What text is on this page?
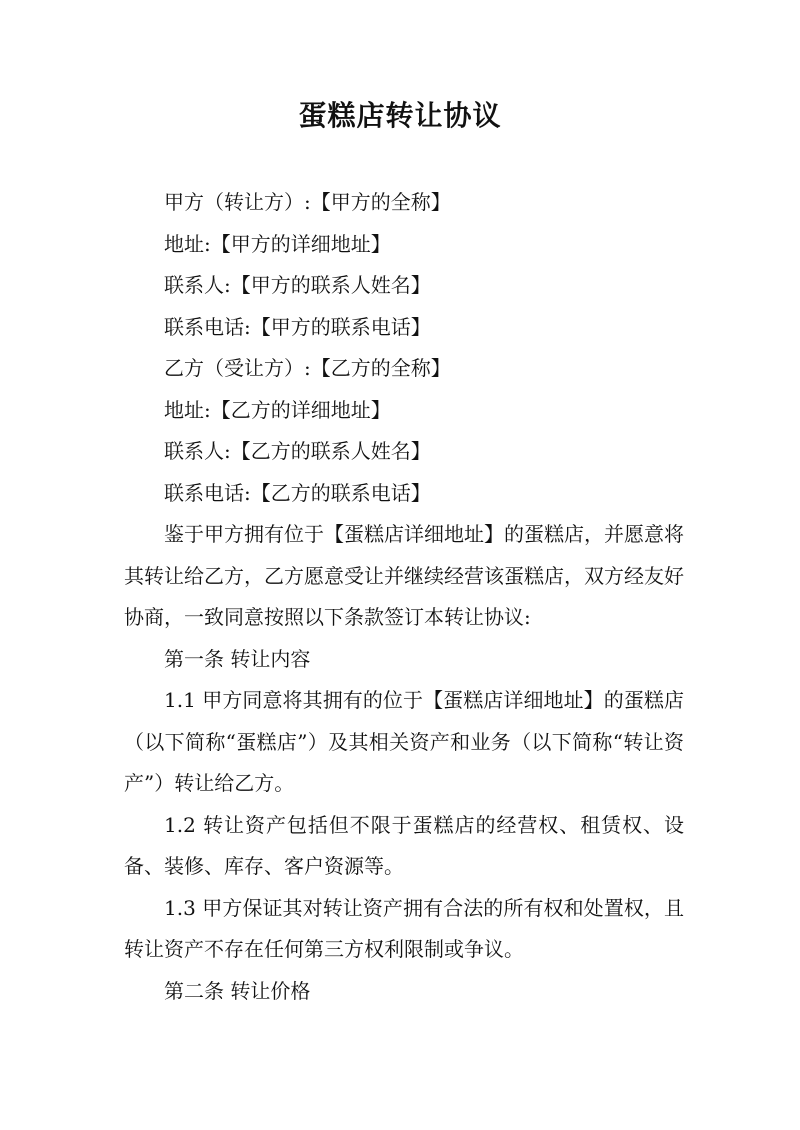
蛋糕店转让协议

甲方（转让方）:【甲方的全称】

地址:【甲方的详细地址】

联系人:【甲方的联系人姓名】

联系电话:【甲方的联系电话】

乙方（受让方）:【乙方的全称】

地址:【乙方的详细地址】

联系人:【乙方的联系人姓名】

联系电话:【乙方的联系电话】

鉴于甲方拥有位于【蛋糕店详细地址】的蛋糕店，并愿意将其转让给乙方，乙方愿意受让并继续经营该蛋糕店，双方经友好协商，一致同意按照以下条款签订本转让协议:

第一条 转让内容

1.1 甲方同意将其拥有的位于【蛋糕店详细地址】的蛋糕店（以下简称“蛋糕店”）及其相关资产和业务（以下简称“转让资产”）转让给乙方。

1.2 转让资产包括但不限于蛋糕店的经营权、租赁权、设备、装修、库存、客户资源等。

1.3 甲方保证其对转让资产拥有合法的所有权和处置权，且转让资产不存在任何第三方权利限制或争议。

第二条 转让价格
